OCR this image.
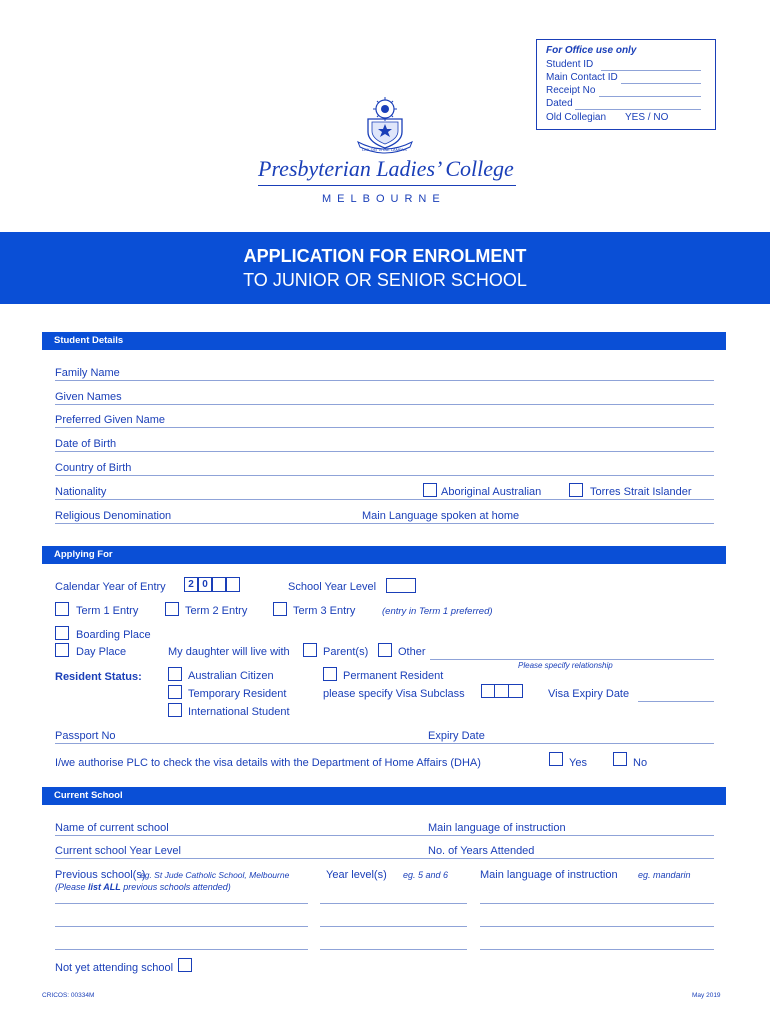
For Office use only
Student ID
Main Contact ID
Receipt No
Dated
Old Collegian YES / NO
LEX DEI VITAE LAMPAS
Presbyterian Ladies’ College
MELBOURNE
APPLICATION FOR ENROLMENT
TO JUNIOR OR SENIOR SCHOOL
Student Details
Family Name
Given Names
Preferred Given Name
Date of Birth
Country of Birth
Nationality	Aboriginal Australian	Torres Strait Islander
Religious Denomination	Main Language spoken at home
Applying For
Calendar Year of Entry	2 0	School Year Level
Term 1 Entry	Term 2 Entry	Term 3 Entry	(entry in Term 1 preferred)
Boarding Place
Day Place	My daughter will live with	Parent(s)	Other
Please specify relationship
Resident Status:	Australian Citizen	Permanent Resident
Temporary Resident	please specify Visa Subclass	Visa Expiry Date
International Student
Passport No	Expiry Date
I/we authorise PLC to check the visa details with the Department of Home Affairs (DHA)	Yes	No
Current School
Name of current school	Main language of instruction
Current school Year Level	No. of Years Attended
Previous school(s)
eg. St Jude Catholic School, Melbourne
(Please list ALL previous schools attended)
Year level(s) eg. 5 and 6	Main language of instruction eg. mandarin
Not yet attending school
CRICOS: 00334M	May 2019
